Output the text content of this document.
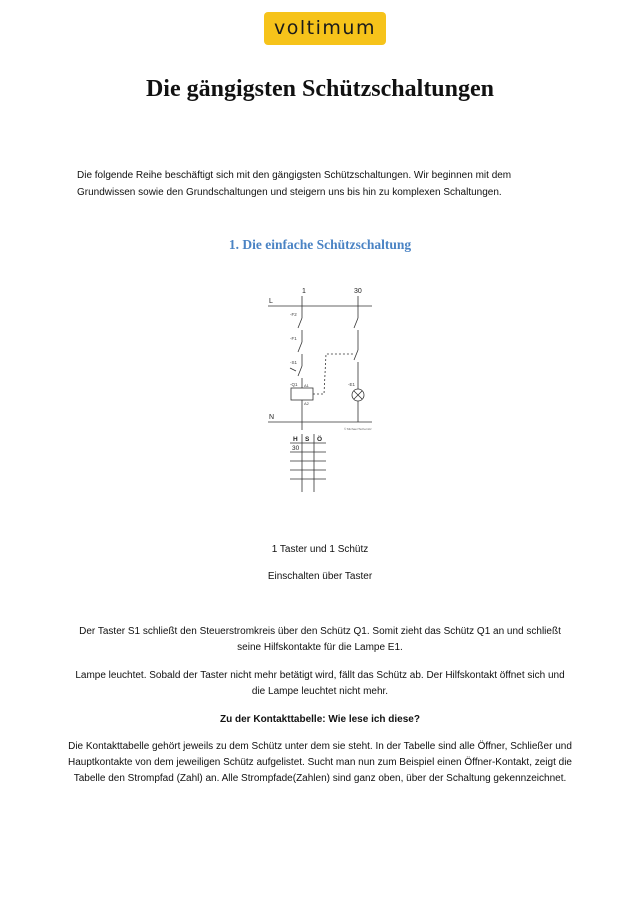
voltimum
Die gängigsten Schützschaltungen

Die folgende Reihe beschäftigt sich mit den gängigsten Schützschaltungen. Wir beginnen mit dem Grundwissen sowie den Grundschaltungen und steigern uns bis hin zu komplexen Schaltungen.

1. Die einfache Schützschaltung
1	30
L
N
-F2
-F1
-S1
-Q1	-E1
A1
A2
© Michael Tschernitz
H S Ö
30

1 Taster und 1 Schütz

Einschalten über Taster

Der Taster S1 schließt den Steuerstromkreis über den Schütz Q1. Somit zieht das Schütz Q1 an und schließt seine Hilfskontakte für die Lampe E1.

Lampe leuchtet. Sobald der Taster nicht mehr betätigt wird, fällt das Schütz ab. Der Hilfskontakt öffnet sich und die Lampe leuchtet nicht mehr.

Zu der Kontakttabelle: Wie lese ich diese?

Die Kontakttabelle gehört jeweils zu dem Schütz unter dem sie steht. In der Tabelle sind alle Öffner, Schließer und Hauptkontakte von dem jeweiligen Schütz aufgelistet. Sucht man nun zum Beispiel einen Öffner-Kontakt, zeigt die Tabelle den Strompfad (Zahl) an. Alle Strompfade(Zahlen) sind ganz oben, über der Schaltung gekennzeichnet.
